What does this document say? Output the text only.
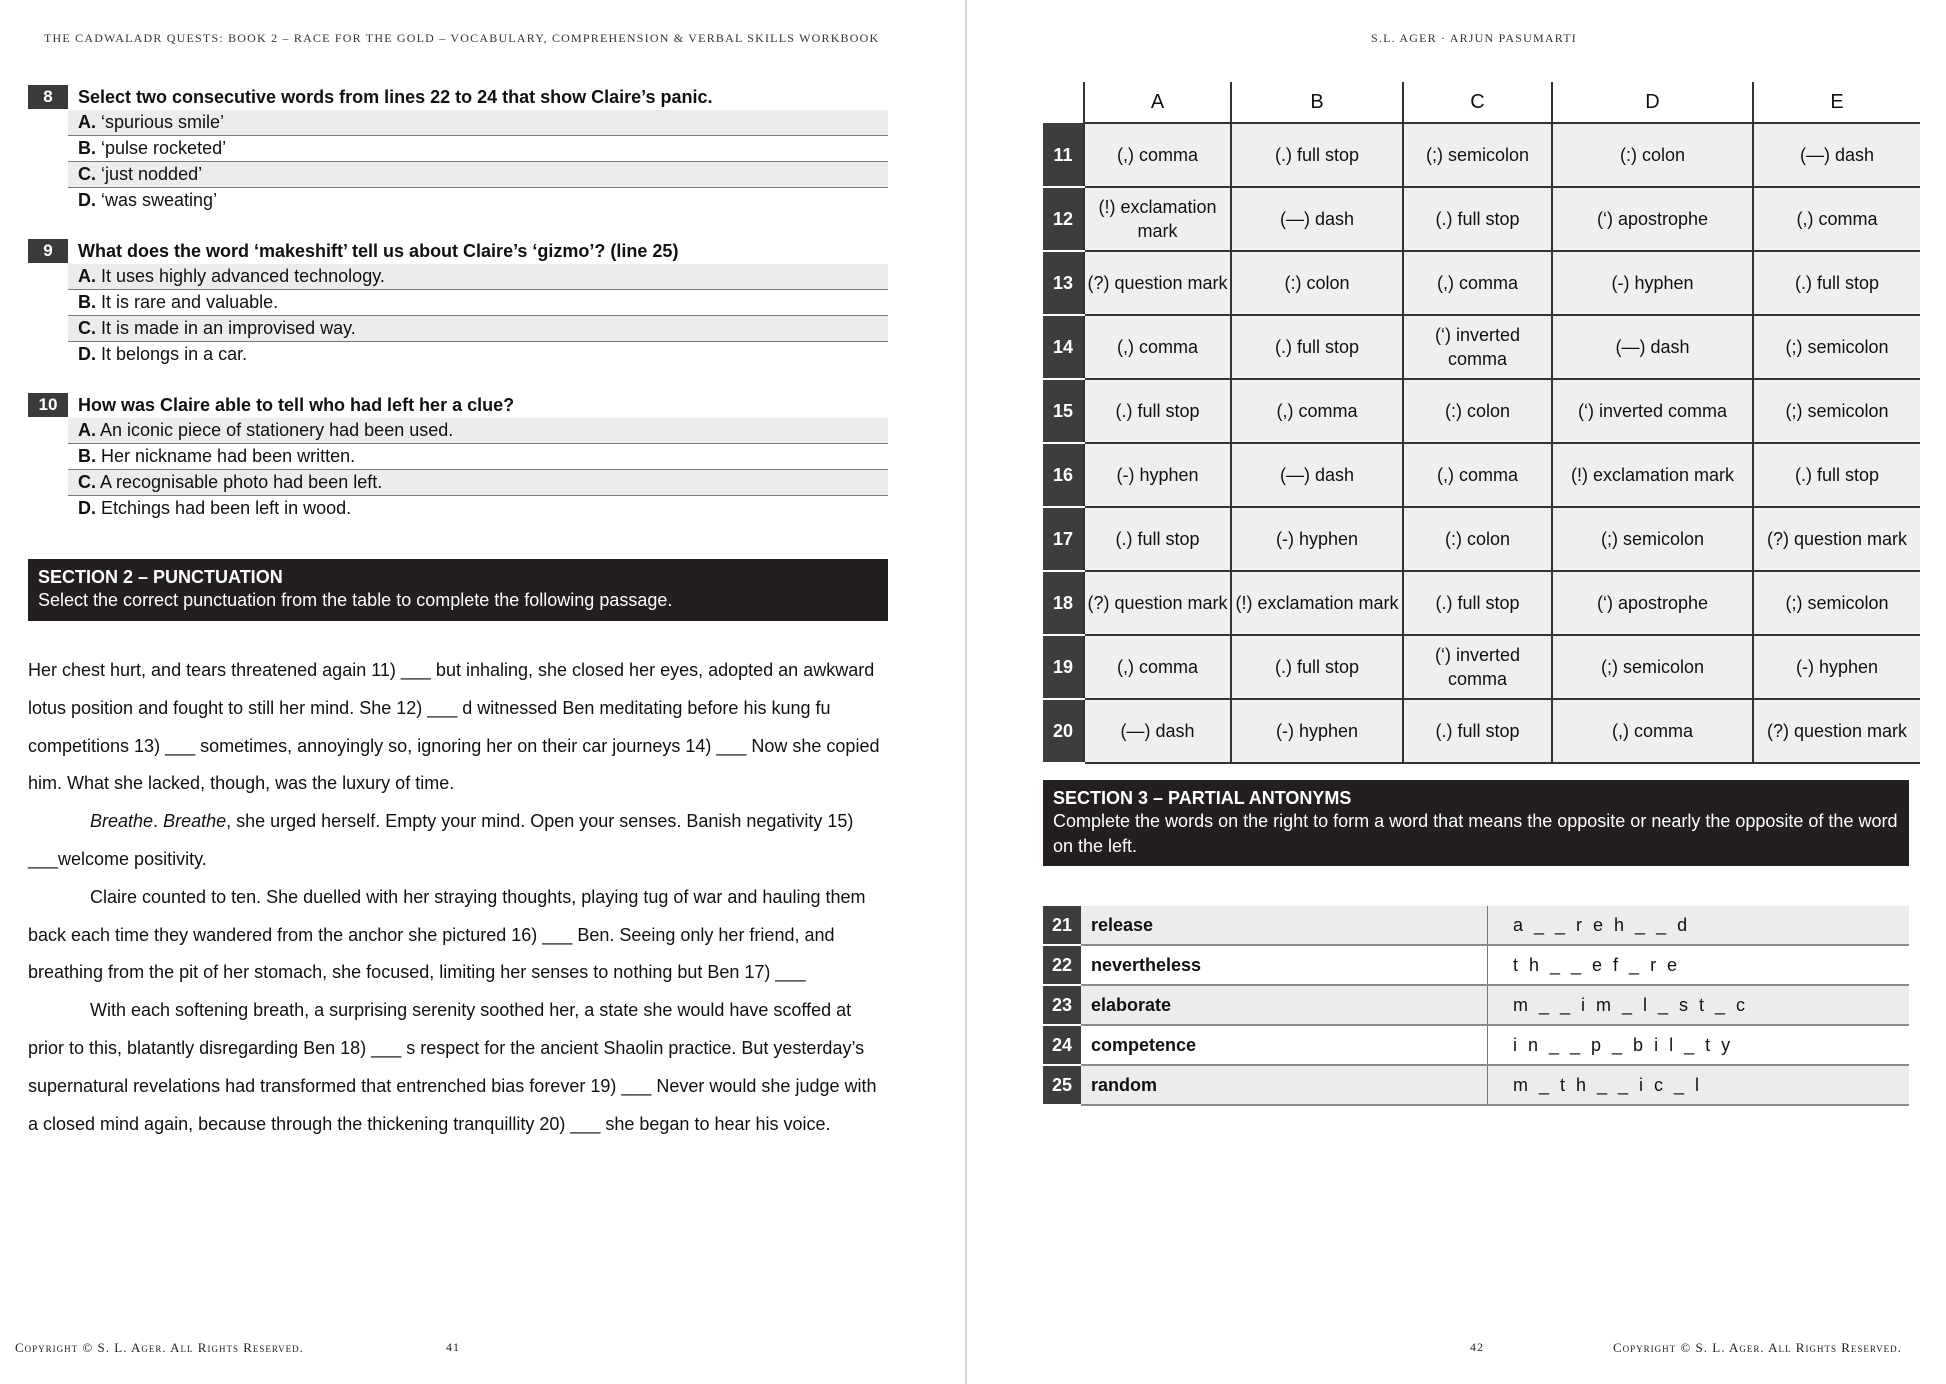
THE CADWALADR QUESTS: BOOK 2 – RACE FOR THE GOLD – VOCABULARY, COMPREHENSION & VERBAL SKILLS WORKBOOK
8	Select two consecutive words from lines 22 to 24 that show Claire’s panic.
A. ‘spurious smile’
B. ‘pulse rocketed’
C. ‘just nodded’
D. ‘was sweating’
9	What does the word ‘makeshift’ tell us about Claire’s ‘gizmo’? (line 25)
A. It uses highly advanced technology.
B. It is rare and valuable.
C. It is made in an improvised way.
D. It belongs in a car.
10	How was Claire able to tell who had left her a clue?
A. An iconic piece of stationery had been used.
B. Her nickname had been written.
C. A recognisable photo had been left.
D. Etchings had been left in wood.
SECTION 2 – PUNCTUATION
Select the correct punctuation from the table to complete the following passage.

Her chest hurt, and tears threatened again 11) ___ but inhaling, she closed her eyes, adopted an awkward lotus position and fought to still her mind. She 12) ___ d witnessed Ben meditating before his kung fu competitions 13) ___ sometimes, annoyingly so, ignoring her on their car journeys 14) ___ Now she copied him. What she lacked, though, was the luxury of time.

Breathe. Breathe, she urged herself. Empty your mind. Open your senses. Banish negativity 15) ___welcome positivity.

Claire counted to ten. She duelled with her straying thoughts, playing tug of war and hauling them back each time they wandered from the anchor she pictured 16) ___ Ben. Seeing only her friend, and breathing from the pit of her stomach, she focused, limiting her senses to nothing but Ben 17) ___

With each softening breath, a surprising serenity soothed her, a state she would have scoffed at prior to this, blatantly disregarding Ben 18) ___ s respect for the ancient Shaolin practice. But yesterday’s supernatural revelations had transformed that entrenched bias forever 19) ___ Never would she judge with a closed mind again, because through the thickening tranquillity 20) ___ she began to hear his voice.

Copyright © S. L. Ager. All Rights Reserved.	41
S.L. AGER · ARJUN PASUMARTI
	A	B	C	D	E
11	(,) comma	(.) full stop	(;) semicolon	(:) colon	(—) dash
12	(!) exclamation mark	(—) dash	(.) full stop	(‘) apostrophe	(,) comma
13	(?) question mark	(:) colon	(,) comma	(-) hyphen	(.) full stop
14	(,) comma	(.) full stop	(‘) inverted comma	(—) dash	(;) semicolon
15	(.) full stop	(,) comma	(:) colon	(‘) inverted comma	(;) semicolon
16	(-) hyphen	(—) dash	(,) comma	(!) exclamation mark	(.) full stop
17	(.) full stop	(-) hyphen	(:) colon	(;) semicolon	(?) question mark
18	(?) question mark	(!) exclamation mark	(.) full stop	(‘) apostrophe	(;) semicolon
19	(,) comma	(.) full stop	(‘) inverted comma	(;) semicolon	(-) hyphen
20	(—) dash	(-) hyphen	(.) full stop	(,) comma	(?) question mark
SECTION 3 – PARTIAL ANTONYMS
Complete the words on the right to form a word that means the opposite or nearly the opposite of the word on the left.
21	release	a _ _ r e h _ _ d
22	nevertheless	t h _ _ e f _ r e
23	elaborate	m _ _ i m _ l _ s t _ c
24	competence	i n _ _ p _ b i l _ t y
25	random	m _ t h _ _ i c _ l
42	Copyright © S. L. Ager. All Rights Reserved.
